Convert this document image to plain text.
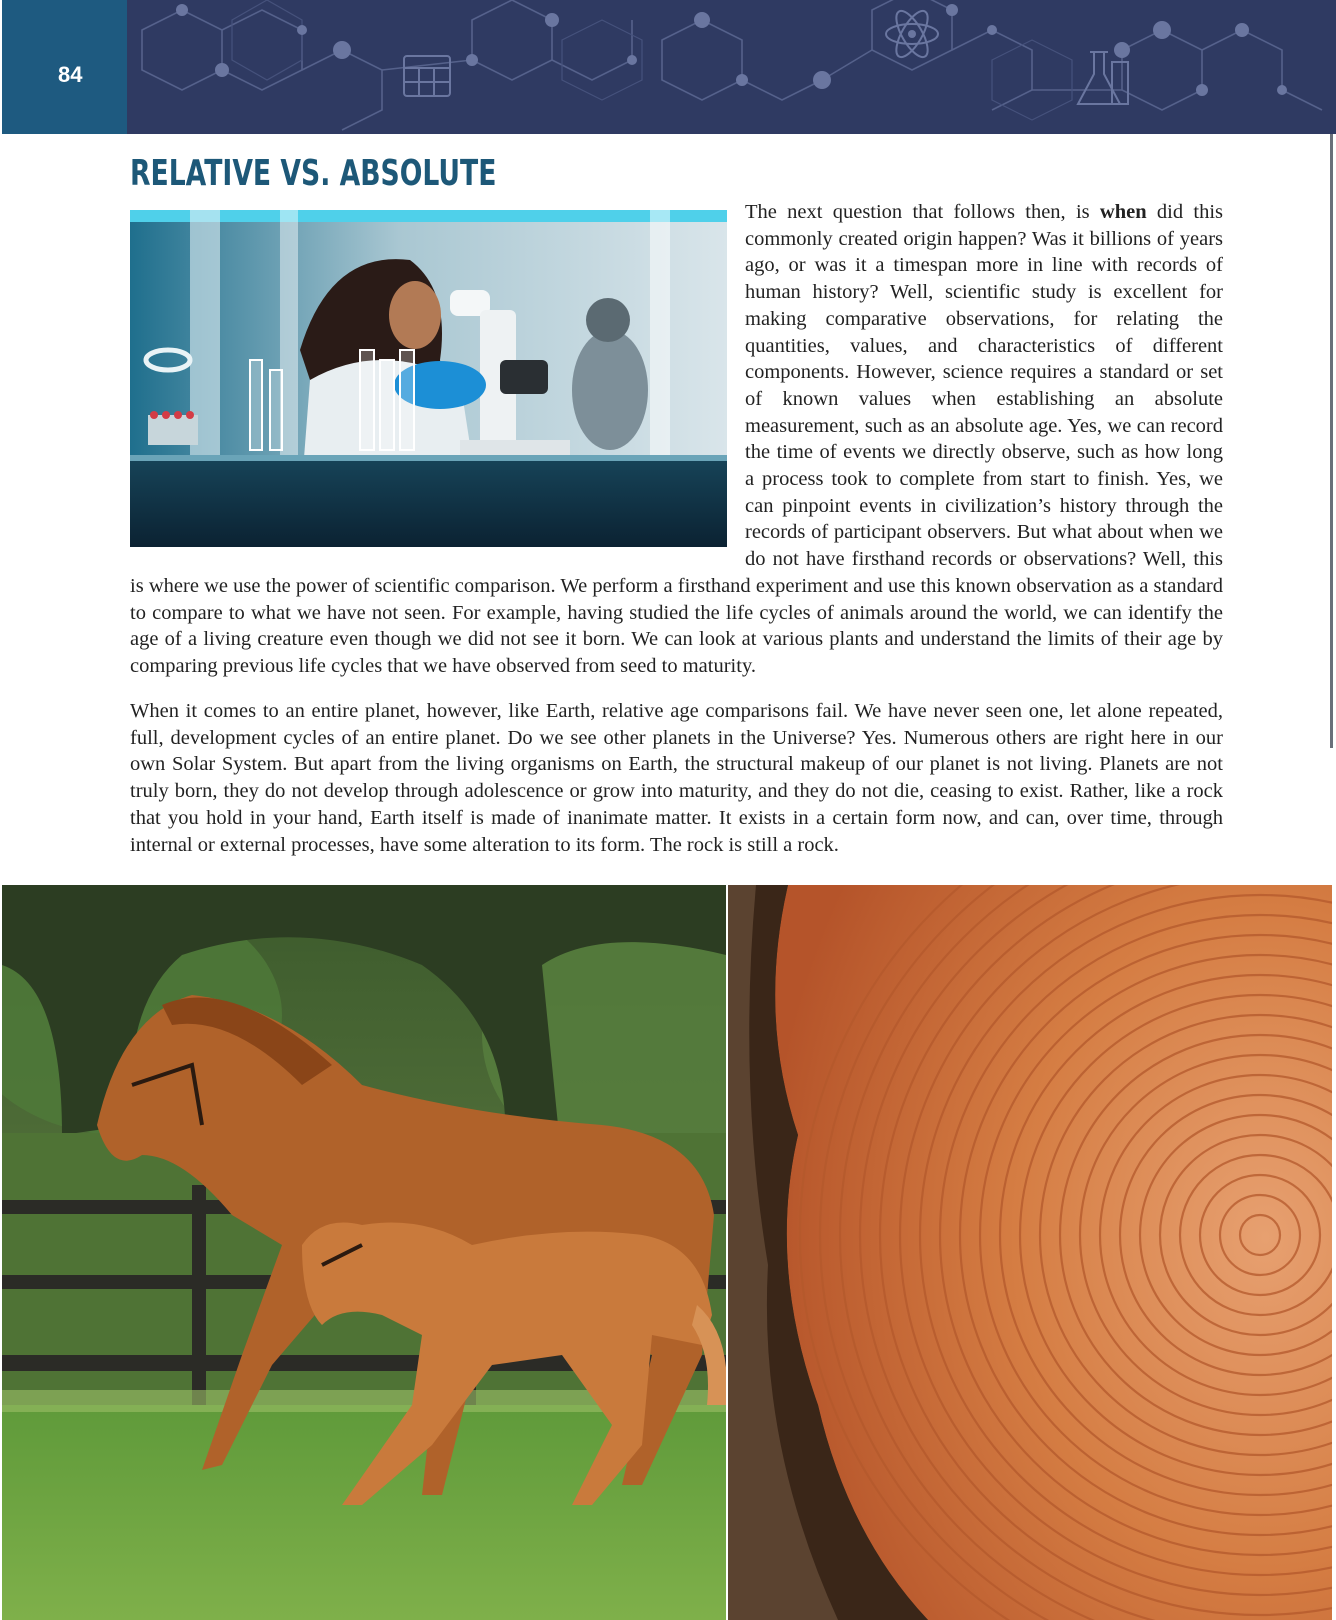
84
RELATIVE VS. ABSOLUTE

The next question that follows then, is when did this commonly created origin happen? Was it billions of years ago, or was it a timespan more in line with records of human history? Well, scientific study is excellent for making comparative observations, for relating the quantities, values, and characteristics of different components. However, science requires a standard or set of known values when establishing an absolute measurement, such as an absolute age. Yes, we can record the time of events we directly observe, such as how long a process took to complete from start to finish. Yes, we can pinpoint events in civilization’s history through the records of participant observers. But what about when we do not have firsthand records or observations? Well, this is where we use the power of scientific comparison. We perform a firsthand experiment and use this known observation as a standard to compare to what we have not seen. For example, having studied the life cycles of animals around the world, we can identify the age of a living creature even though we did not see it born. We can look at various plants and understand the limits of their age by comparing previous life cycles that we have observed from seed to maturity.

When it comes to an entire planet, however, like Earth, relative age comparisons fail. We have never seen one, let alone repeated, full, development cycles of an entire planet. Do we see other planets in the Universe? Yes. Numerous others are right here in our own Solar System. But apart from the living organisms on Earth, the structural makeup of our planet is not living. Planets are not truly born, they do not develop through adolescence or grow into maturity, and they do not die, ceasing to exist. Rather, like a rock that you hold in your hand, Earth itself is made of inanimate matter. It exists in a certain form now, and can, over time, through internal or external processes, have some alteration to its form. The rock is still a rock.
